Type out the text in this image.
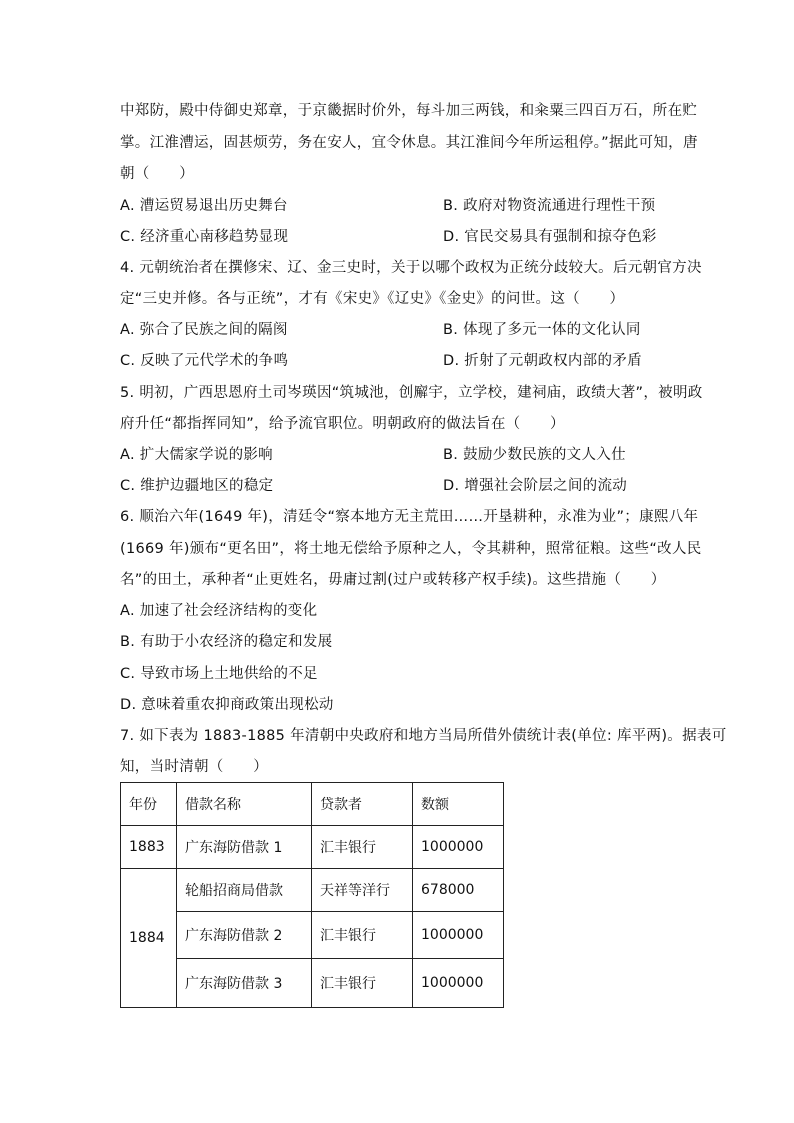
中郑防，殿中侍御史郑章，于京畿据时价外，每斗加三两钱，和籴粟三四百万石，所在贮
掌。江淮漕运，固甚烦劳，务在安人，宜令休息。其江淮间今年所运租停。”据此可知，唐
朝（　　）
A. 漕运贸易退出历史舞台	B. 政府对物资流通进行理性干预
C. 经济重心南移趋势显现	D. 官民交易具有强制和掠夺色彩
4. 元朝统治者在撰修宋、辽、金三史时，关于以哪个政权为正统分歧较大。后元朝官方决
定“三史并修。各与正统”，才有《宋史》《辽史》《金史》的问世。这（　　）
A. 弥合了民族之间的隔阂	B. 体现了多元一体的文化认同
C. 反映了元代学术的争鸣	D. 折射了元朝政权内部的矛盾
5. 明初，广西思恩府土司岑瑛因“筑城池，创廨宇，立学校，建祠庙，政绩大著”，被明政
府升任“都指挥同知”，给予流官职位。明朝政府的做法旨在（　　）
A. 扩大儒家学说的影响	B. 鼓励少数民族的文人入仕
C. 维护边疆地区的稳定	D. 增强社会阶层之间的流动
6. 顺治六年(1649 年)，清廷令“察本地方无主荒田……开垦耕种，永准为业”；康熙八年
(1669 年)颁布“更名田”，将土地无偿给予原种之人，令其耕种，照常征粮。这些“改人民
名”的田土，承种者“止更姓名，毋庸过割(过户或转移产权手续)。这些措施（　　）
A. 加速了社会经济结构的变化
B. 有助于小农经济的稳定和发展
C. 导致市场上土地供给的不足
D. 意味着重农抑商政策出现松动
7. 如下表为 1883-1885 年清朝中央政府和地方当局所借外债统计表(单位: 库平两)。据表可
知，当时清朝（　　）
年份	借款名称	贷款者	数额
1883	广东海防借款 1	汇丰银行	1000000
1884	轮船招商局借款	天祥等洋行	678000
	广东海防借款 2	汇丰银行	1000000
	广东海防借款 3	汇丰银行	1000000
